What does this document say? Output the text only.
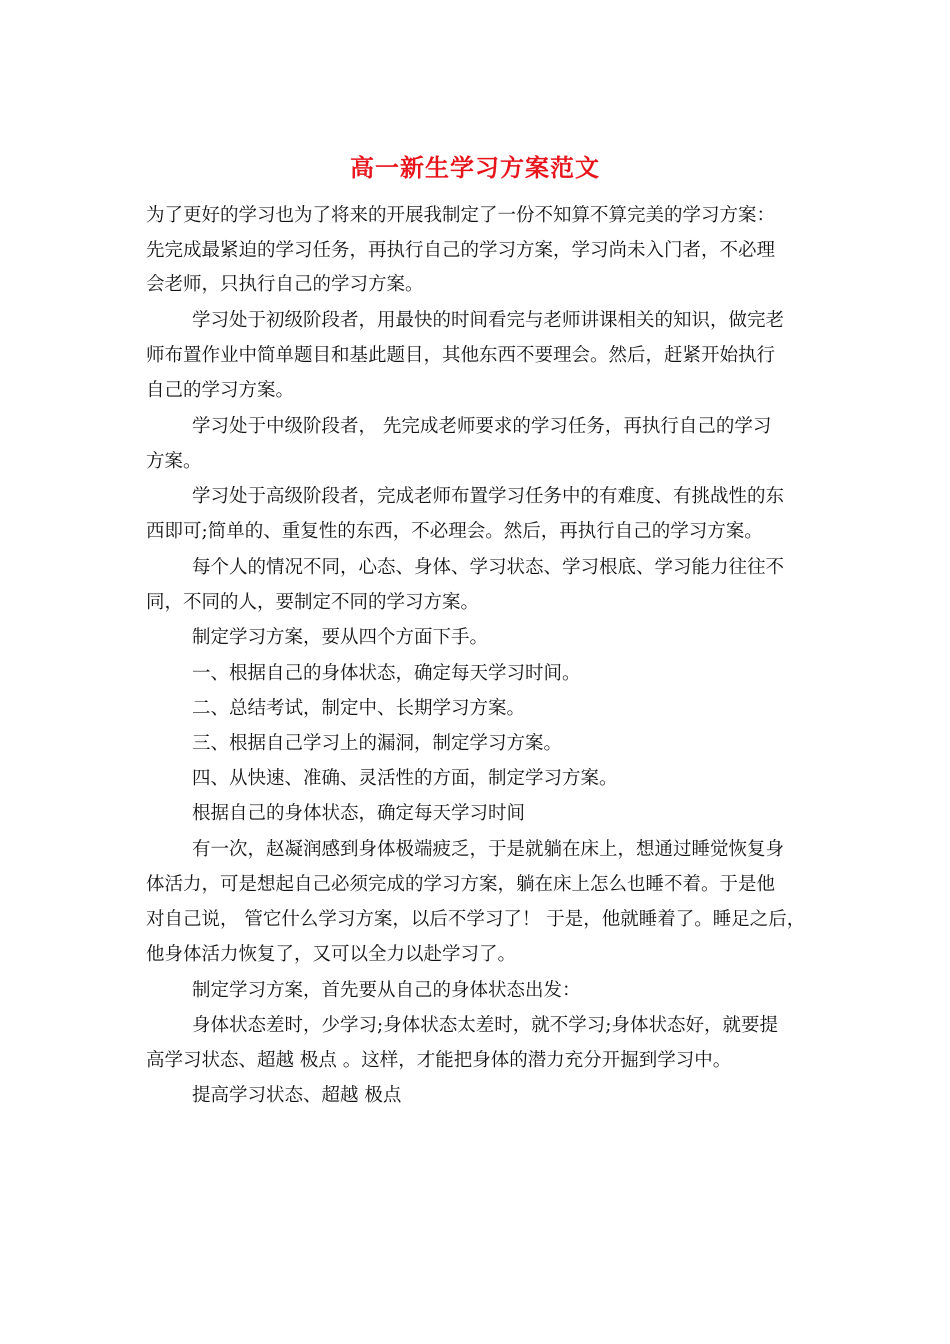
高一新生学习方案范文
为了更好的学习也为了将来的开展我制定了一份不知算不算完美的学习方案：
先完成最紧迫的学习任务，再执行自己的学习方案，学习尚未入门者，不必理
会老师，只执行自己的学习方案。
学习处于初级阶段者，用最快的时间看完与老师讲课相关的知识，做完老
师布置作业中简单题目和基此题目，其他东西不要理会。然后，赶紧开始执行
自己的学习方案。
学习处于中级阶段者， 先完成老师要求的学习任务，再执行自己的学习
方案。
学习处于高级阶段者，完成老师布置学习任务中的有难度、有挑战性的东
西即可;简单的、重复性的东西，不必理会。然后，再执行自己的学习方案。
每个人的情况不同，心态、身体、学习状态、学习根底、学习能力往往不
同，不同的人，要制定不同的学习方案。
制定学习方案，要从四个方面下手。
一、根据自己的身体状态，确定每天学习时间。
二、总结考试，制定中、长期学习方案。
三、根据自己学习上的漏洞，制定学习方案。
四、从快速、准确、灵活性的方面，制定学习方案。
根据自己的身体状态，确定每天学习时间
有一次，赵凝润感到身体极端疲乏，于是就躺在床上，想通过睡觉恢复身
体活力，可是想起自己必须完成的学习方案，躺在床上怎么也睡不着。于是他
对自己说， 管它什么学习方案，以后不学习了！ 于是，他就睡着了。睡足之后，
他身体活力恢复了，又可以全力以赴学习了。
制定学习方案，首先要从自己的身体状态出发：
身体状态差时，少学习;身体状态太差时，就不学习;身体状态好，就要提
高学习状态、超越 极点 。这样，才能把身体的潜力充分开掘到学习中。
提高学习状态、超越 极点
